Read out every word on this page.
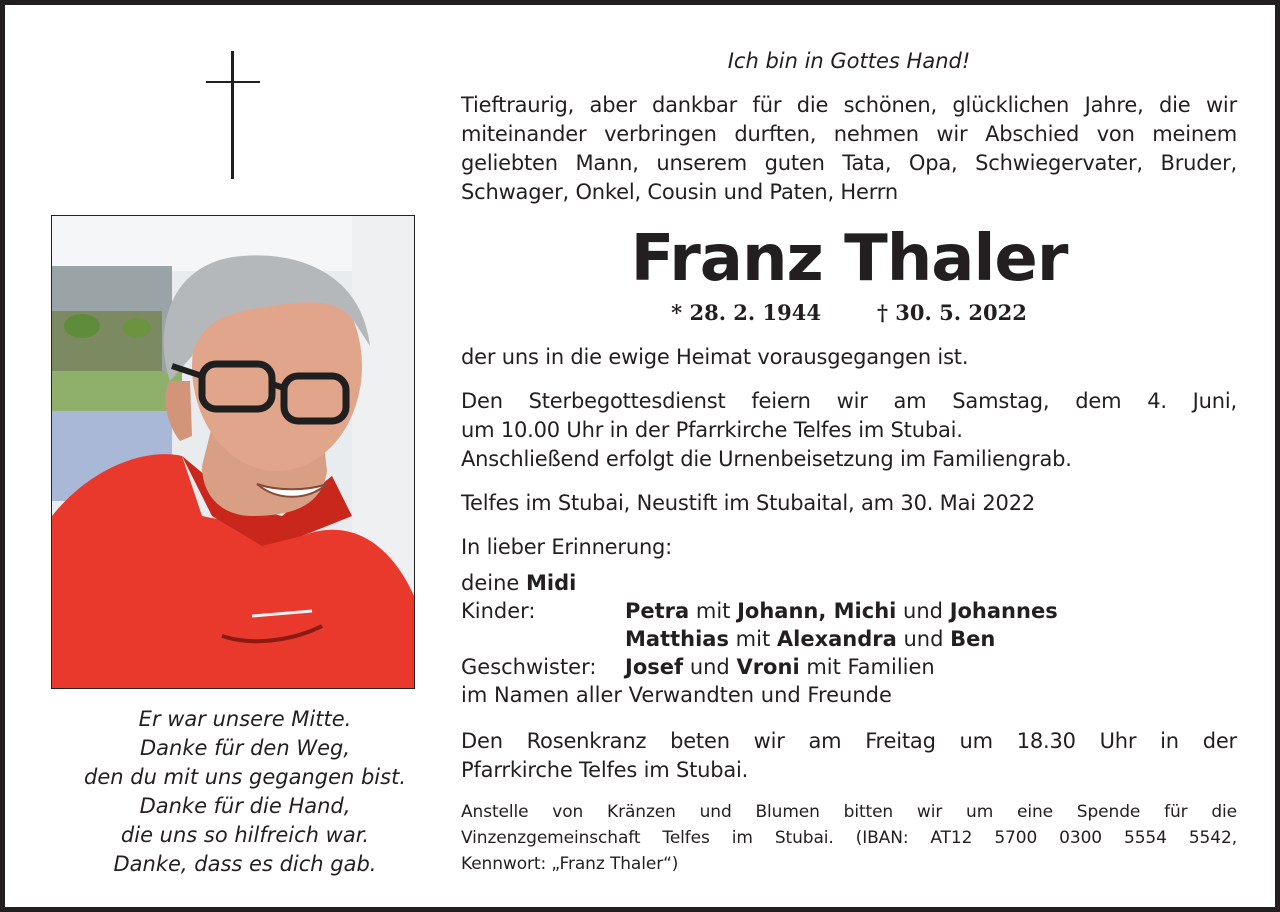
Er war unsere Mitte.
Danke für den Weg,
den du mit uns gegangen bist.
Danke für die Hand,
die uns so hilfreich war.
Danke, dass es dich gab.
Ich bin in Gottes Hand!
Tieftraurig, aber dankbar für die schönen, glücklichen Jahre, die wir
miteinander verbringen durften, nehmen wir Abschied von meinem
geliebten Mann, unserem guten Tata, Opa, Schwiegervater, Bruder,
Schwager, Onkel, Cousin und Paten, Herrn
Franz Thaler
* 28. 2. 1944	† 30. 5. 2022
der uns in die ewige Heimat vorausgegangen ist.
Den Sterbegottesdienst feiern wir am Samstag, dem 4. Juni,
um 10.00 Uhr in der Pfarrkirche Telfes im Stubai.
Anschließend erfolgt die Urnenbeisetzung im Familiengrab.
Telfes im Stubai, Neustift im Stubaital, am 30. Mai 2022
In lieber Erinnerung:
deine
Midi
Kinder:	Petra mit Johann, Michi und Johannes
Matthias mit Alexandra und Ben
Geschwister:	Josef und Vroni mit Familien
im Namen aller Verwandten und Freunde
Den Rosenkranz beten wir am Freitag um 18.30 Uhr in der
Pfarrkirche Telfes im Stubai.
Anstelle von Kränzen und Blumen bitten wir um eine Spende für die
Vinzenzgemeinschaft Telfes im Stubai. (IBAN: AT12 5700 0300 5554 5542,
Kennwort: „Franz Thaler“)
